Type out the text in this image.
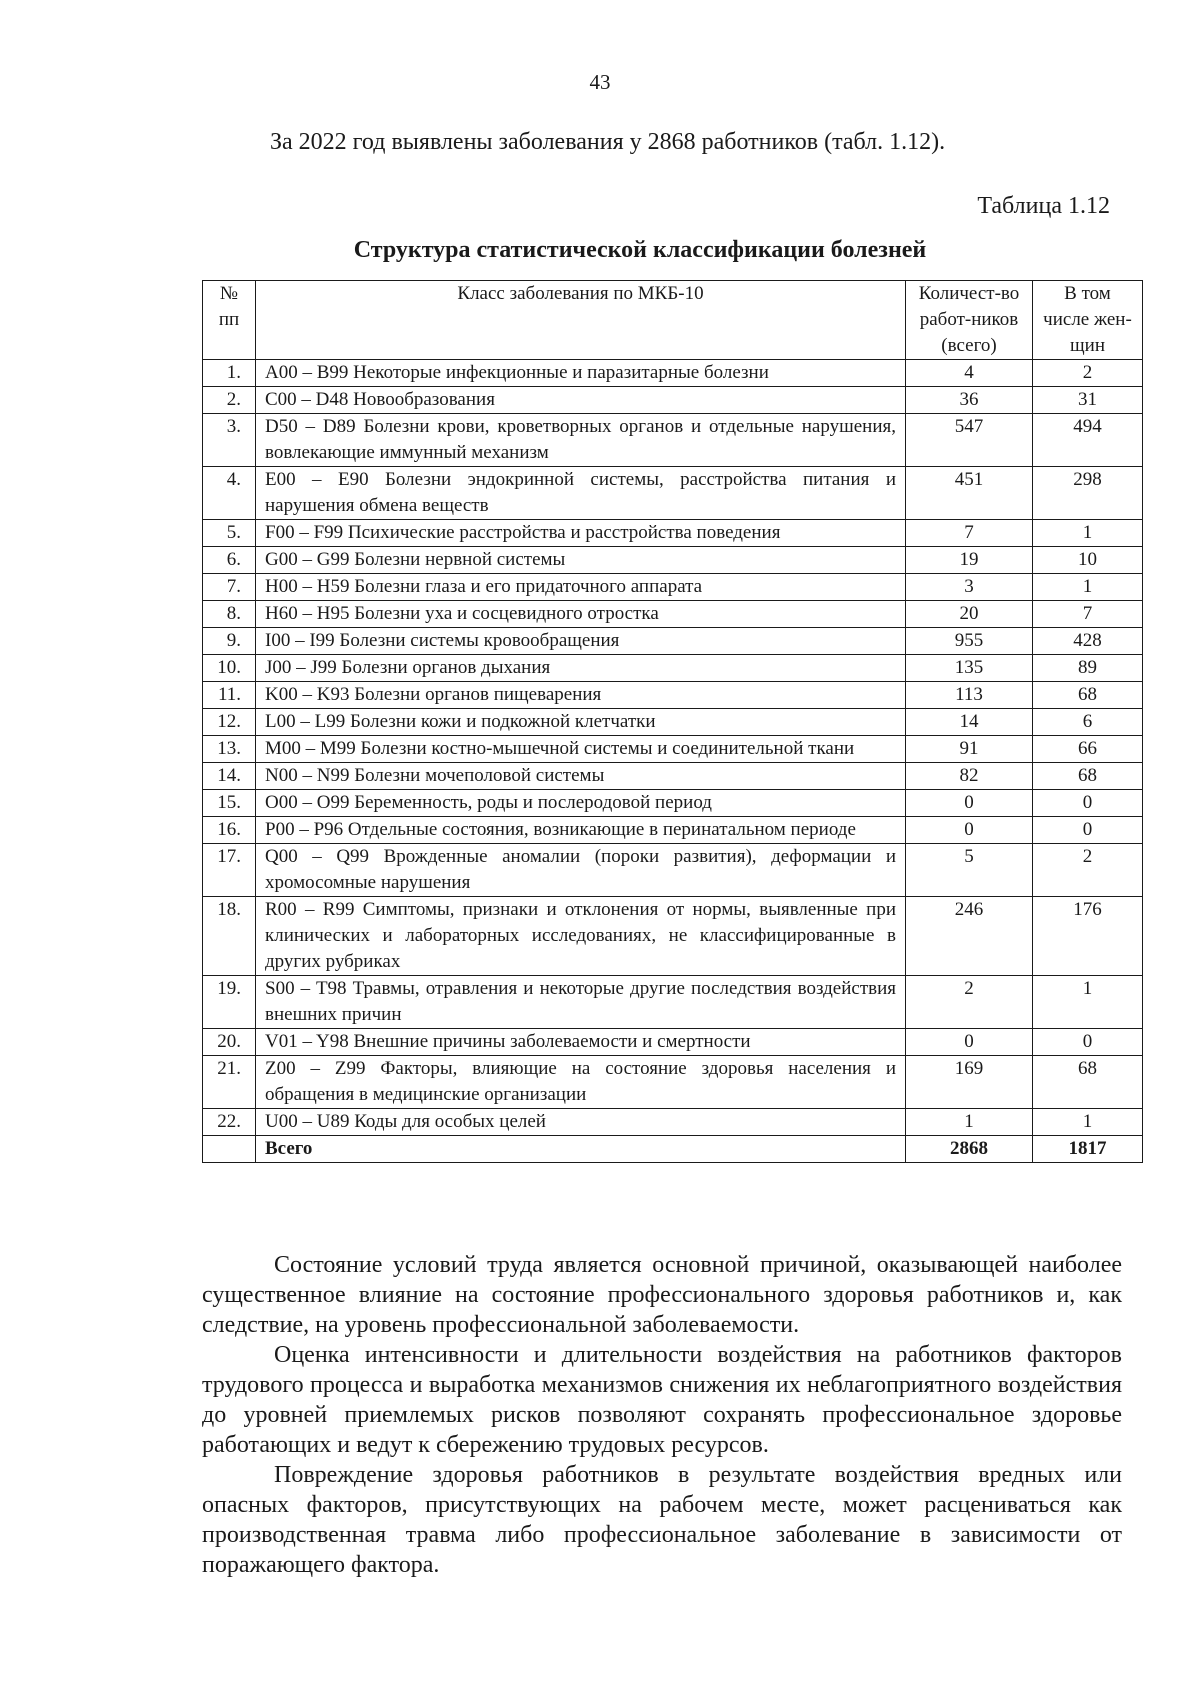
43
За 2022 год выявлены заболевания у 2868 работников (табл. 1.12).
Таблица 1.12
Структура статистической классификации болезней
№ пп	Класс заболевания по МКБ-10	Количест-во работ-ников (всего)	В том числе жен-щин
1.	A00 – B99 Некоторые инфекционные и паразитарные болезни	4	2
2.	C00 – D48 Новообразования	36	31
3.	D50 – D89 Болезни крови, кроветворных органов и отдельные нарушения, вовлекающие иммунный механизм	547	494
4.	E00 – E90 Болезни эндокринной системы, расстройства питания и нарушения обмена веществ	451	298
5.	F00 – F99 Психические расстройства и расстройства поведения	7	1
6.	G00 – G99 Болезни нервной системы	19	10
7.	H00 – H59 Болезни глаза и его придаточного аппарата	3	1
8.	H60 – H95 Болезни уха и сосцевидного отростка	20	7
9.	I00 – I99 Болезни системы кровообращения	955	428
10.	J00 – J99 Болезни органов дыхания	135	89
11.	K00 – K93 Болезни органов пищеварения	113	68
12.	L00 – L99 Болезни кожи и подкожной клетчатки	14	6
13.	M00 – M99 Болезни костно-мышечной системы и соединительной ткани	91	66
14.	N00 – N99 Болезни мочеполовой системы	82	68
15.	O00 – O99 Беременность, роды и послеродовой период	0	0
16.	P00 – P96 Отдельные состояния, возникающие в перинатальном периоде	0	0
17.	Q00 – Q99 Врожденные аномалии (пороки развития), деформации и хромосомные нарушения	5	2
18.	R00 – R99 Симптомы, признаки и отклонения от нормы, выявленные при клинических и лабораторных исследованиях, не классифицированные в других рубриках	246	176
19.	S00 – T98 Травмы, отравления и некоторые другие последствия воздействия внешних причин	2	1
20.	V01 – Y98 Внешние причины заболеваемости и смертности	0	0
21.	Z00 – Z99 Факторы, влияющие на состояние здоровья населения и обращения в медицинские организации	169	68
22.	U00 – U89 Коды для особых целей	1	1
	Всего	2868	1817

Состояние условий труда является основной причиной, оказывающей наиболее существенное влияние на состояние профессионального здоровья работников и, как следствие, на уровень профессиональной заболеваемости.

Оценка интенсивности и длительности воздействия на работников факторов трудового процесса и выработка механизмов снижения их неблагоприятного воздействия до уровней приемлемых рисков позволяют сохранять профессиональное здоровье работающих и ведут к сбережению трудовых ресурсов.

Повреждение здоровья работников в результате воздействия вредных или опасных факторов, присутствующих на рабочем месте, может расцениваться как производственная травма либо профессиональное заболевание в зависимости от поражающего фактора.
